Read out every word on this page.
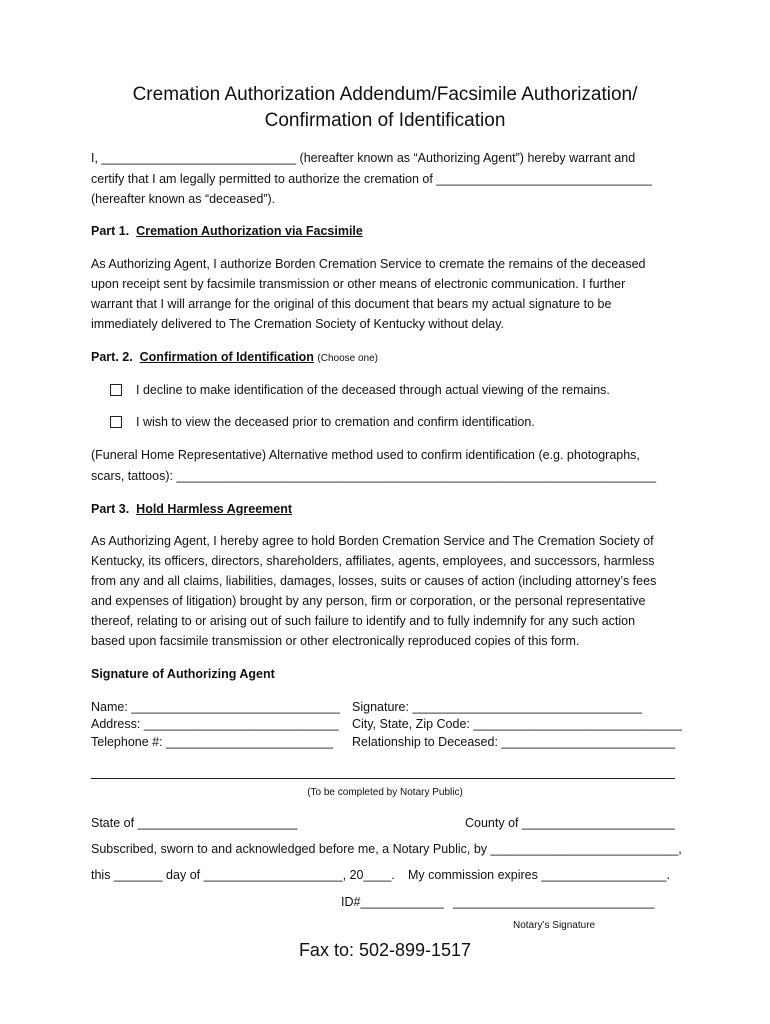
Cremation Authorization Addendum/Facsimile Authorization/
Confirmation of Identification
I, ____________________________ (hereafter known as “Authorizing Agent”) hereby warrant and
certify that I am legally permitted to authorize the cremation of _______________________________
(hereafter known as “deceased”).
Part 1. Cremation Authorization via Facsimile
As Authorizing Agent, I authorize Borden Cremation Service to cremate the remains of the deceased
upon receipt sent by facsimile transmission or other means of electronic communication. I further
warrant that I will arrange for the original of this document that bears my actual signature to be
immediately delivered to The Cremation Society of Kentucky without delay.
Part. 2. Confirmation of Identification (Choose one)
I decline to make identification of the deceased through actual viewing of the remains.
I wish to view the deceased prior to cremation and confirm identification.
(Funeral Home Representative) Alternative method used to confirm identification (e.g. photographs,
scars, tattoos): _____________________________________________________________________
Part 3. Hold Harmless Agreement
As Authorizing Agent, I hereby agree to hold Borden Cremation Service and The Cremation Society of
Kentucky, its officers, directors, shareholders, affiliates, agents, employees, and successors, harmless
from any and all claims, liabilities, damages, losses, suits or causes of action (including attorney’s fees
and expenses of litigation) brought by any person, firm or corporation, or the personal representative
thereof, relating to or arising out of such failure to identify and to fully indemnify for any such action
based upon facsimile transmission or other electronically reproduced copies of this form.
Signature of Authorizing Agent
Name: ______________________________ Signature: _________________________________
Address: ____________________________ City, State, Zip Code: ______________________________
Telephone #: ________________________ Relationship to Deceased: _________________________
(To be completed by Notary Public)
State of _______________________	County of ______________________
Subscribed, sworn to and acknowledged before me, a Notary Public, by ___________________________,
this _______ day of ____________________, 20____. My commission expires __________________.
ID#____________ _____________________________
Notary’s Signature
Fax to: 502-899-1517
